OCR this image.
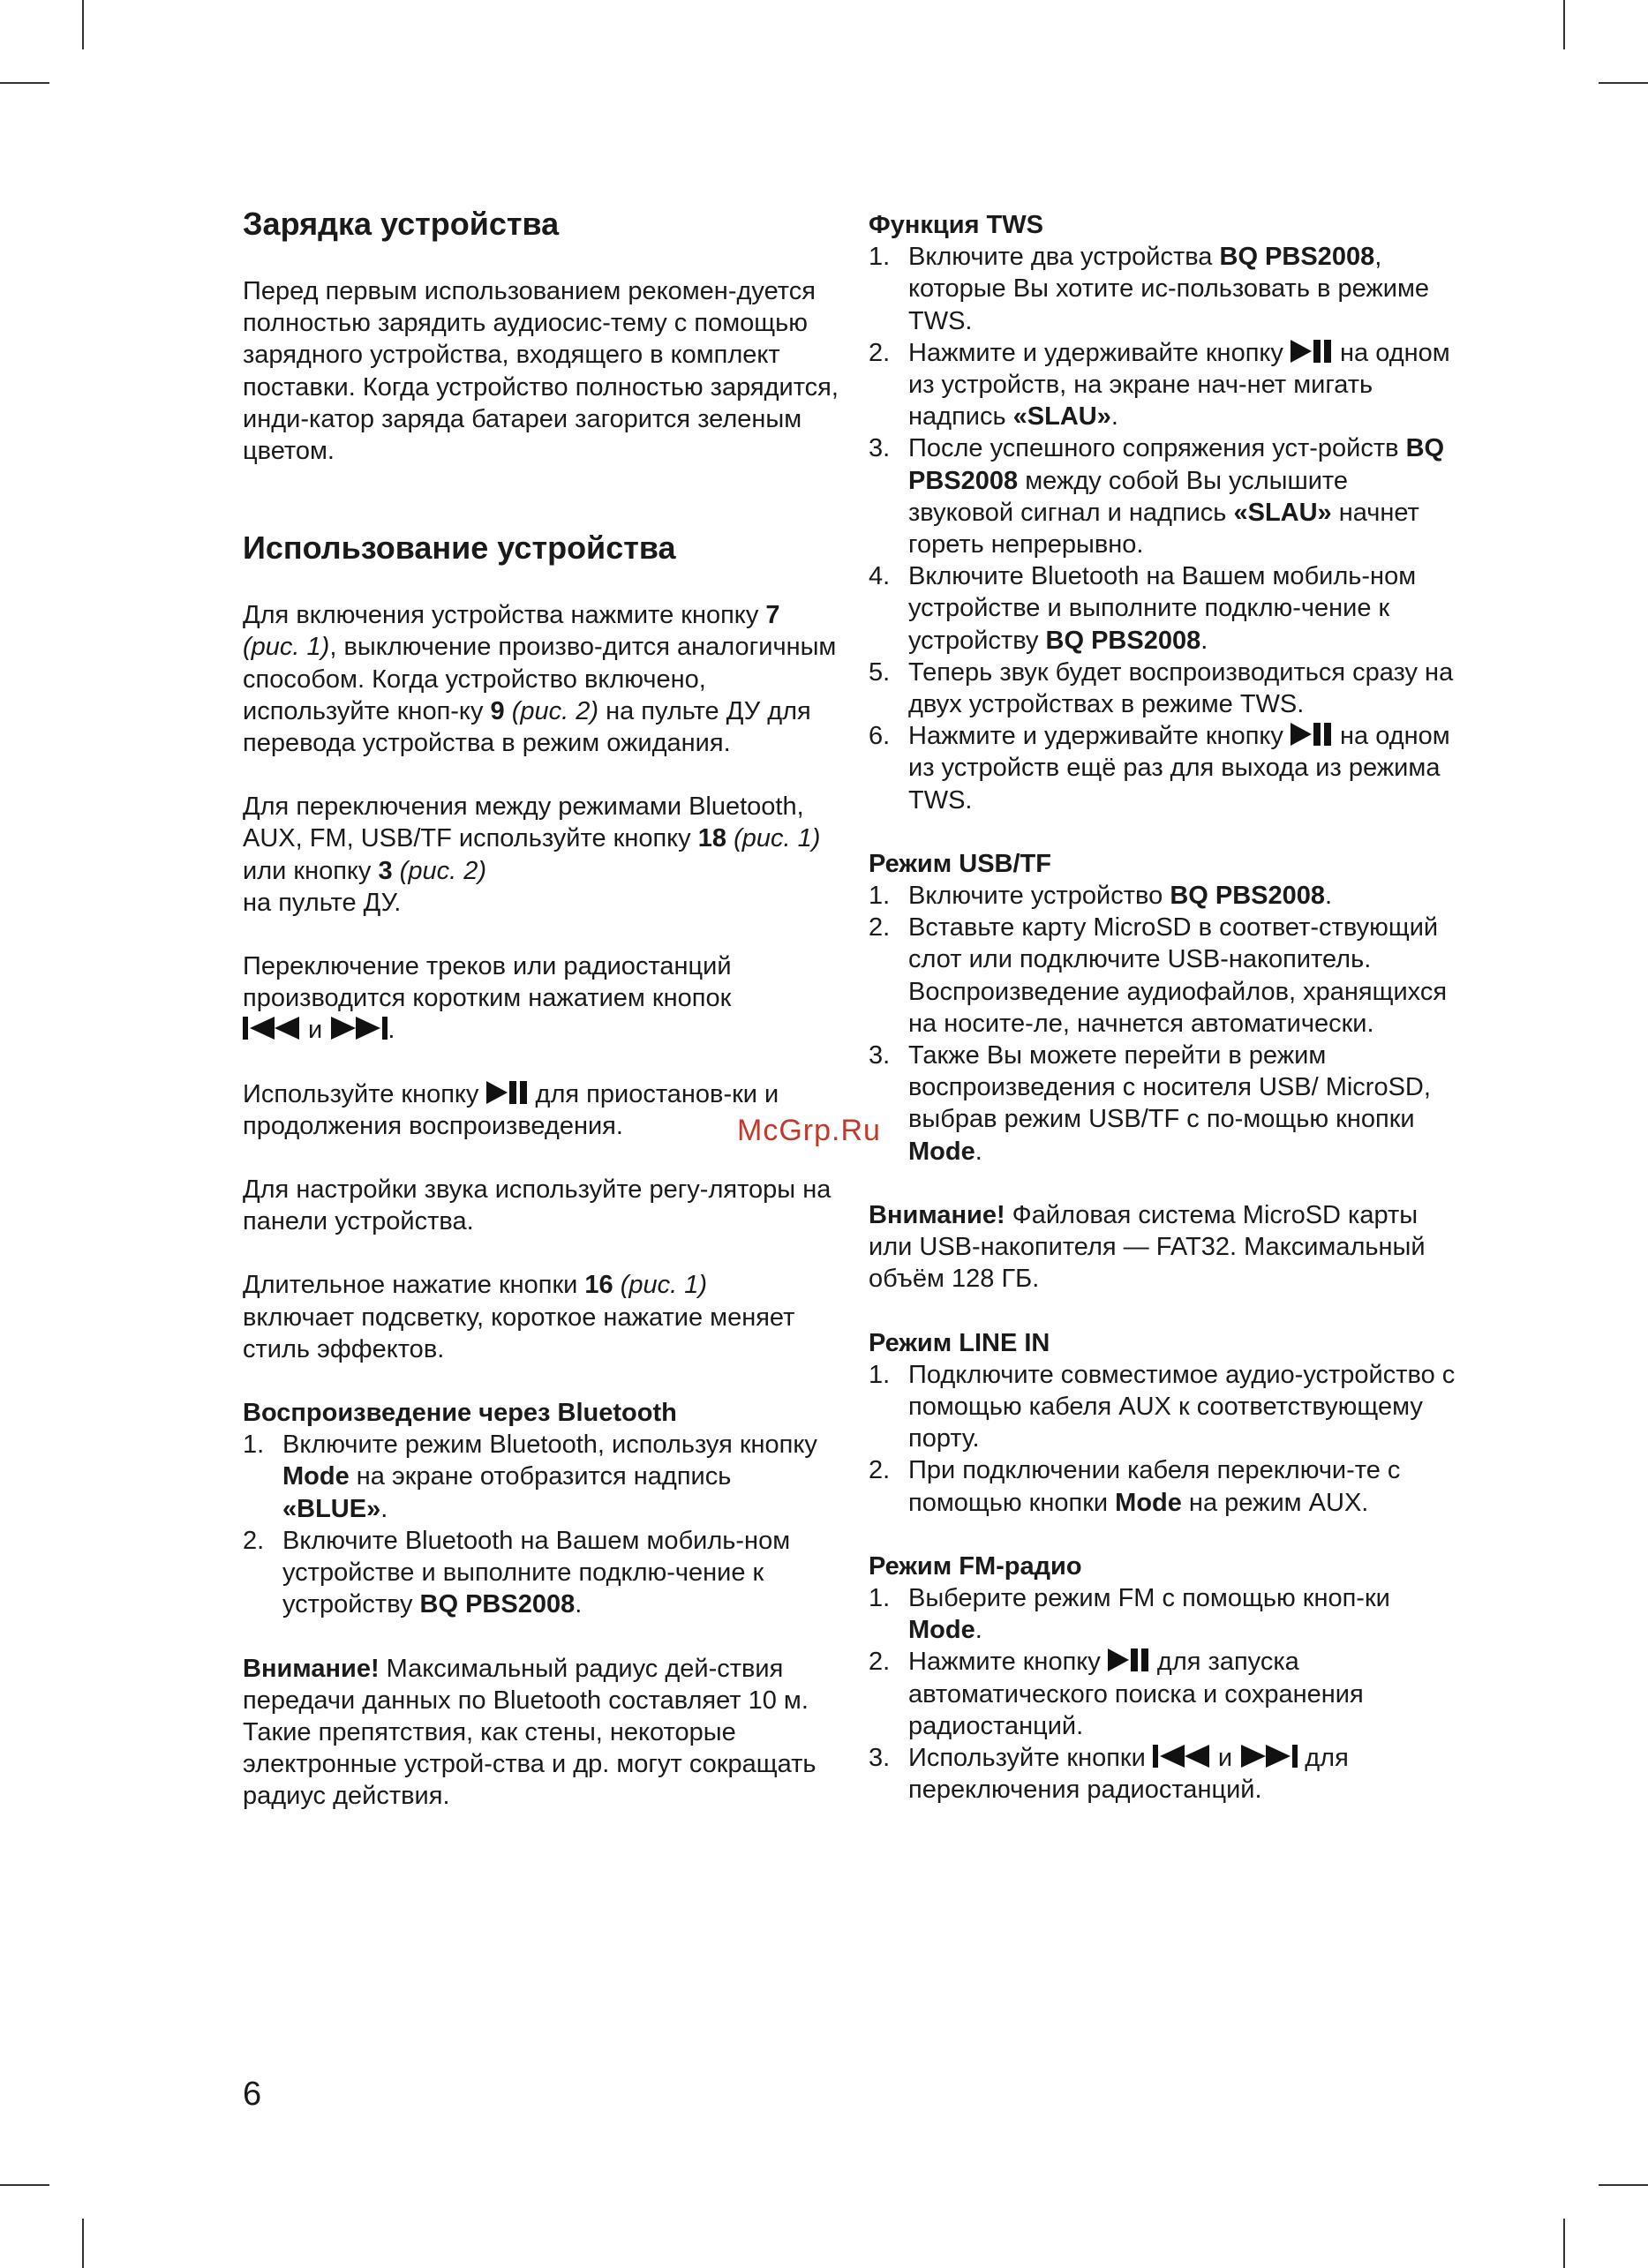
Зарядка устройства

Перед первым использованием рекомен-дуется полностью зарядить аудиосис-тему с помощью зарядного устройства, входящего в комплект поставки. Когда устройство полностью зарядится, инди-катор заряда батареи загорится зеленым цветом.

Использование устройства

Для включения устройства нажмите кнопку 7 (рис. 1), выключение произво-дится аналогичным способом. Когда устройство включено, используйте кноп-ку 9 (рис. 2) на пульте ДУ для перевода устройства в режим ожидания.

Для переключения между режимами Bluetooth, AUX, FM, USB/TF используйте кнопку 18 (рис. 1) или кнопку 3 (рис. 2)
на пульте ДУ.

Переключение треков или радиостанций производится коротким нажатием кнопок
и .

Используйте кнопку  для приостанов-ки и продолжения воспроизведения.

Для настройки звука используйте регу-ляторы на панели устройства.

Длительное нажатие кнопки 16 (рис. 1)
включает подсветку, короткое нажатие меняет стиль эффектов.

Воспроизведение через Bluetooth
1. Включите режим Bluetooth, используя кнопку Mode на экране отобразится надпись «BLUE».
2. Включите Bluetooth на Вашем мобиль-ном устройстве и выполните подклю-чение к устройству BQ PBS2008.

Внимание! Максимальный радиус дей-ствия передачи данных по Bluetooth составляет 10 м. Такие препятствия, как стены, некоторые электронные устрой-ства и др. могут сокращать радиус действия.

Функция TWS
1. Включите два устройства BQ PBS2008, которые Вы хотите ис-пользовать в режиме TWS.
2. Нажмите и удерживайте кнопку  на одном из устройств, на экране нач-нет мигать надпись «SLAU».
3. После успешного сопряжения уст-ройств BQ PBS2008 между собой Вы услышите звуковой сигнал и надпись «SLAU» начнет гореть непрерывно.
4. Включите Bluetooth на Вашем мобиль-ном устройстве и выполните подклю-чение к устройству BQ PBS2008.
5. Теперь звук будет воспроизводиться сразу на двух устройствах в режиме TWS.
6. Нажмите и удерживайте кнопку  на одном из устройств ещё раз для выхода из режима TWS.
Режим USB/TF
1. Включите устройство BQ PBS2008.
2. Вставьте карту MicroSD в соответ-ствующий слот или подключите USB-накопитель. Воспроизведение аудиофайлов, хранящихся на носите-ле, начнется автоматически.
3. Также Вы можете перейти в режим воспроизведения с носителя USB/ MicroSD, выбрав режим USB/TF с по-мощью кнопки Mode.

Внимание! Файловая система MicroSD карты или USB-накопителя — FAT32. Максимальный объём 128 ГБ.

Режим LINE IN
1. Подключите совместимое аудио-устройство с помощью кабеля AUX к соответствующему порту.
2. При подключении кабеля переключи-те с помощью кнопки Mode на режим AUX.
Режим FM-радио
1. Выберите режим FM с помощью кноп-ки Mode.
2. Нажмите кнопку  для запуска автоматического поиска и сохранения радиостанций.
3. Используйте кнопки  и  для переключения радиостанций.
McGrp.Ru
6
